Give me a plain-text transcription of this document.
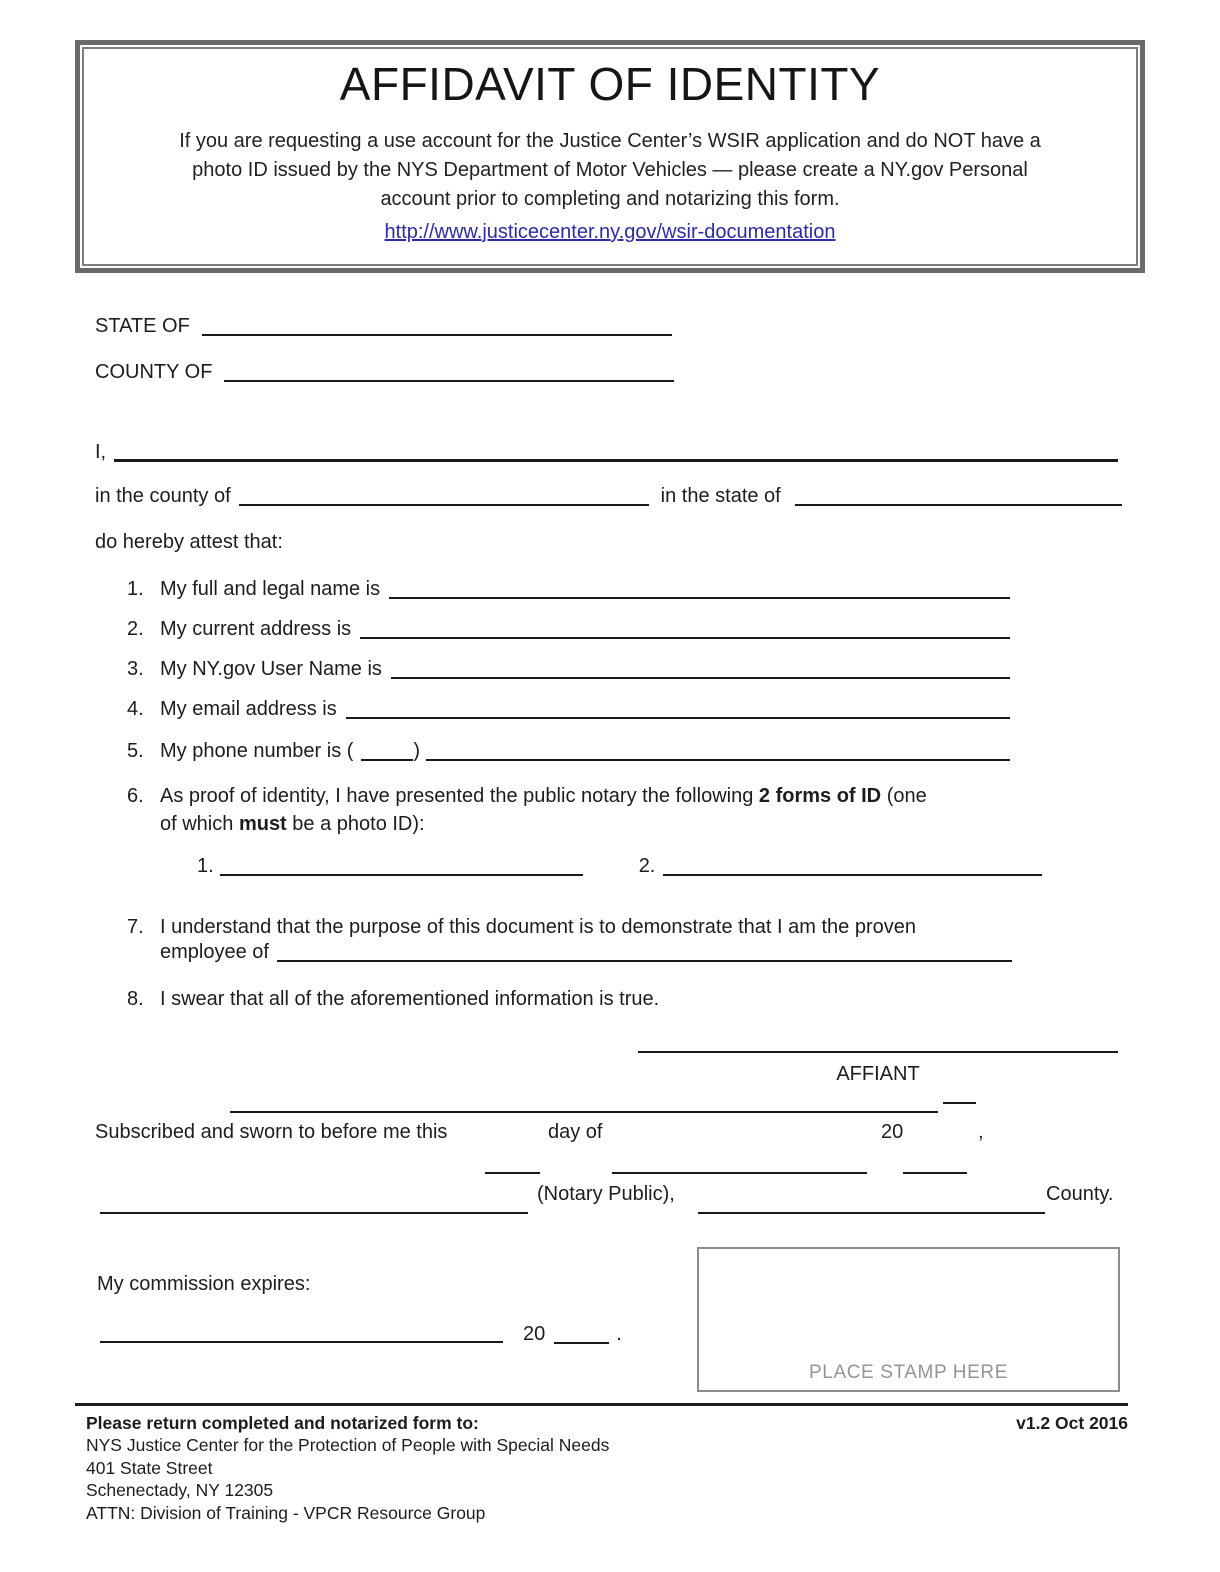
AFFIDAVIT OF IDENTITY
If you are requesting a use account for the Justice Center’s WSIR application and do NOT have a
photo ID issued by the NYS Department of Motor Vehicles — please create a NY.gov Personal
account prior to completing and notarizing this form.
http://www.justicecenter.ny.gov/wsir-documentation
STATE OF
COUNTY OF
I,
in the county of	in the state of
do hereby attest that:
1. My full and legal name is
2. My current address is
3. My NY.gov User Name is
4. My email address is
5. My phone number is (	)
6. As proof of identity, I have presented the public notary the following 2 forms of ID (one
of which must be a photo ID):
1.	2.
7. I understand that the purpose of this document is to demonstrate that I am the proven
employee of
8. I swear that all of the aforementioned information is true.
AFFIANT
Subscribed and sworn to before me this	day of	20	,
(Notary Public),	County.
My commission expires:
20	.
PLACE STAMP HERE
Please return completed and notarized form to:	v1.2 Oct 2016
NYS Justice Center for the Protection of People with Special Needs
401 State Street
Schenectady, NY 12305
ATTN: Division of Training - VPCR Resource Group
